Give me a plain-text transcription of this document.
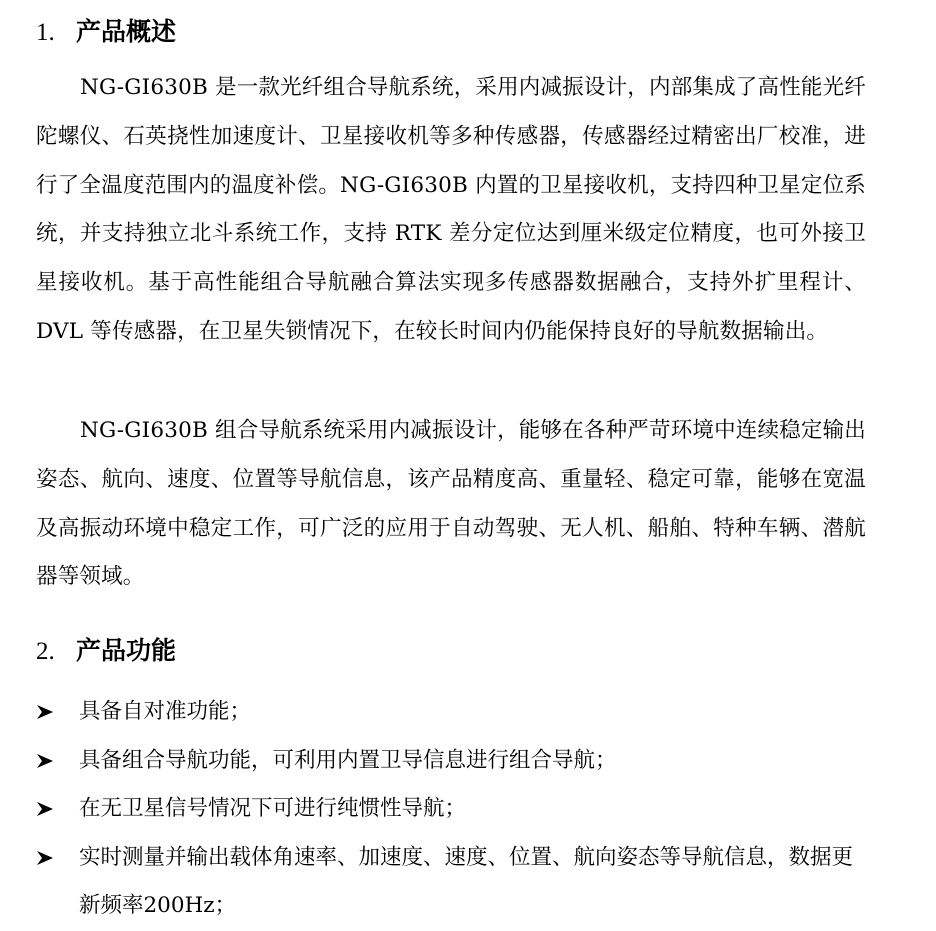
1. 产品概述

NG-GI630B 是一款光纤组合导航系统，采用内减振设计，内部集成了高性能光纤陀螺仪、石英挠性加速度计、卫星接收机等多种传感器，传感器经过精密出厂校准，进行了全温度范围内的温度补偿。NG-GI630B 内置的卫星接收机，支持四种卫星定位系统，并支持独立北斗系统工作，支持 RTK 差分定位达到厘米级定位精度，也可外接卫星接收机。基于高性能组合导航融合算法实现多传感器数据融合，支持外扩里程计、DVL 等传感器，在卫星失锁情况下，在较长时间内仍能保持良好的导航数据输出。

NG-GI630B 组合导航系统采用内减振设计，能够在各种严苛环境中连续稳定输出姿态、航向、速度、位置等导航信息，该产品精度高、重量轻、稳定可靠，能够在宽温及高振动环境中稳定工作，可广泛的应用于自动驾驶、无人机、船舶、特种车辆、潜航器等领域。

2. 产品功能
具备自对准功能；
具备组合导航功能，可利用内置卫导信息进行组合导航；
在无卫星信号情况下可进行纯惯性导航；
实时测量并输出载体角速率、加速度、速度、位置、航向姿态等导航信息，数据更新频率200Hz；
